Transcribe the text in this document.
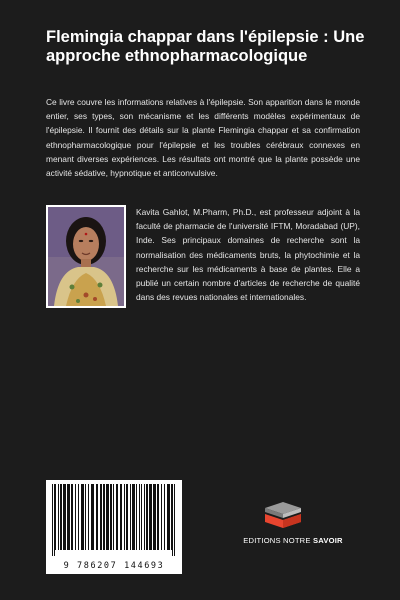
Flemingia chappar dans l'épilepsie : Une approche ethnopharmacologique
Ce livre couvre les informations relatives à l'épilepsie. Son apparition dans le monde entier, ses types, son mécanisme et les différents modèles expérimentaux de l'épilepsie. Il fournit des détails sur la plante Flemingia chappar et sa confirmation ethnopharmacologique pour l'épilepsie et les troubles cérébraux connexes en menant diverses expériences. Les résultats ont montré que la plante possède une activité sédative, hypnotique et anticonvulsive.
Kavita Gahlot, M.Pharm, Ph.D., est professeur adjoint à la faculté de pharmacie de l'université IFTM, Moradabad (UP), Inde. Ses principaux domaines de recherche sont la normalisation des médicaments bruts, la phytochimie et la recherche sur les médicaments à base de plantes. Elle a publié un certain nombre d'articles de recherche de qualité dans des revues nationales et internationales.
9 786207 144693
EDITIONS NOTRE SAVOIR
